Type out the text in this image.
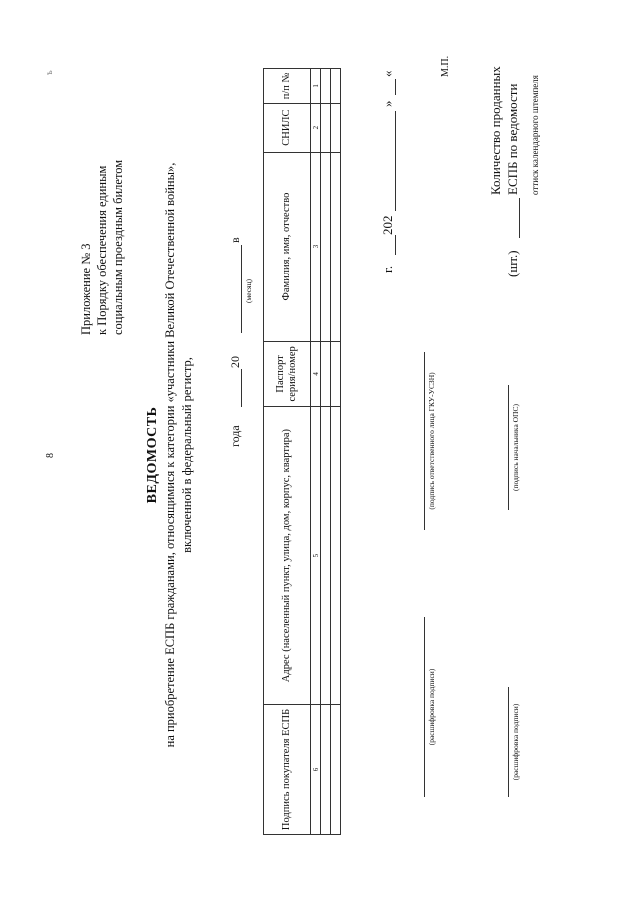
8
ъ
Приложение № 3 к Порядку обеспечения единым социальным проездным билетом
ВЕДОМОСТЬ на приобретение ЕСПБ гражданами, относящимися к категории «участники Великой Отечественной войны», включенной в федеральный регистр,
в
(месяц)
20
года
№ п/п	СНИЛС	Фамилия, имя, отчество	Паспорт серия/номер	Адрес (населенный пункт, улица, дом, корпус, квартира)	Подпись покупателя ЕСПБ
1	2	3	4	5	6

«
»
202
г.
(подпись ответственного лица ГКУ-УСЗН)
(расшифровка подписи)
М.П.
(подпись начальника ОПС)
(расшифровка подписи)
Количество проданных ЕСПБ по ведомости
(шт.)
оттиск календарного штемпеля
